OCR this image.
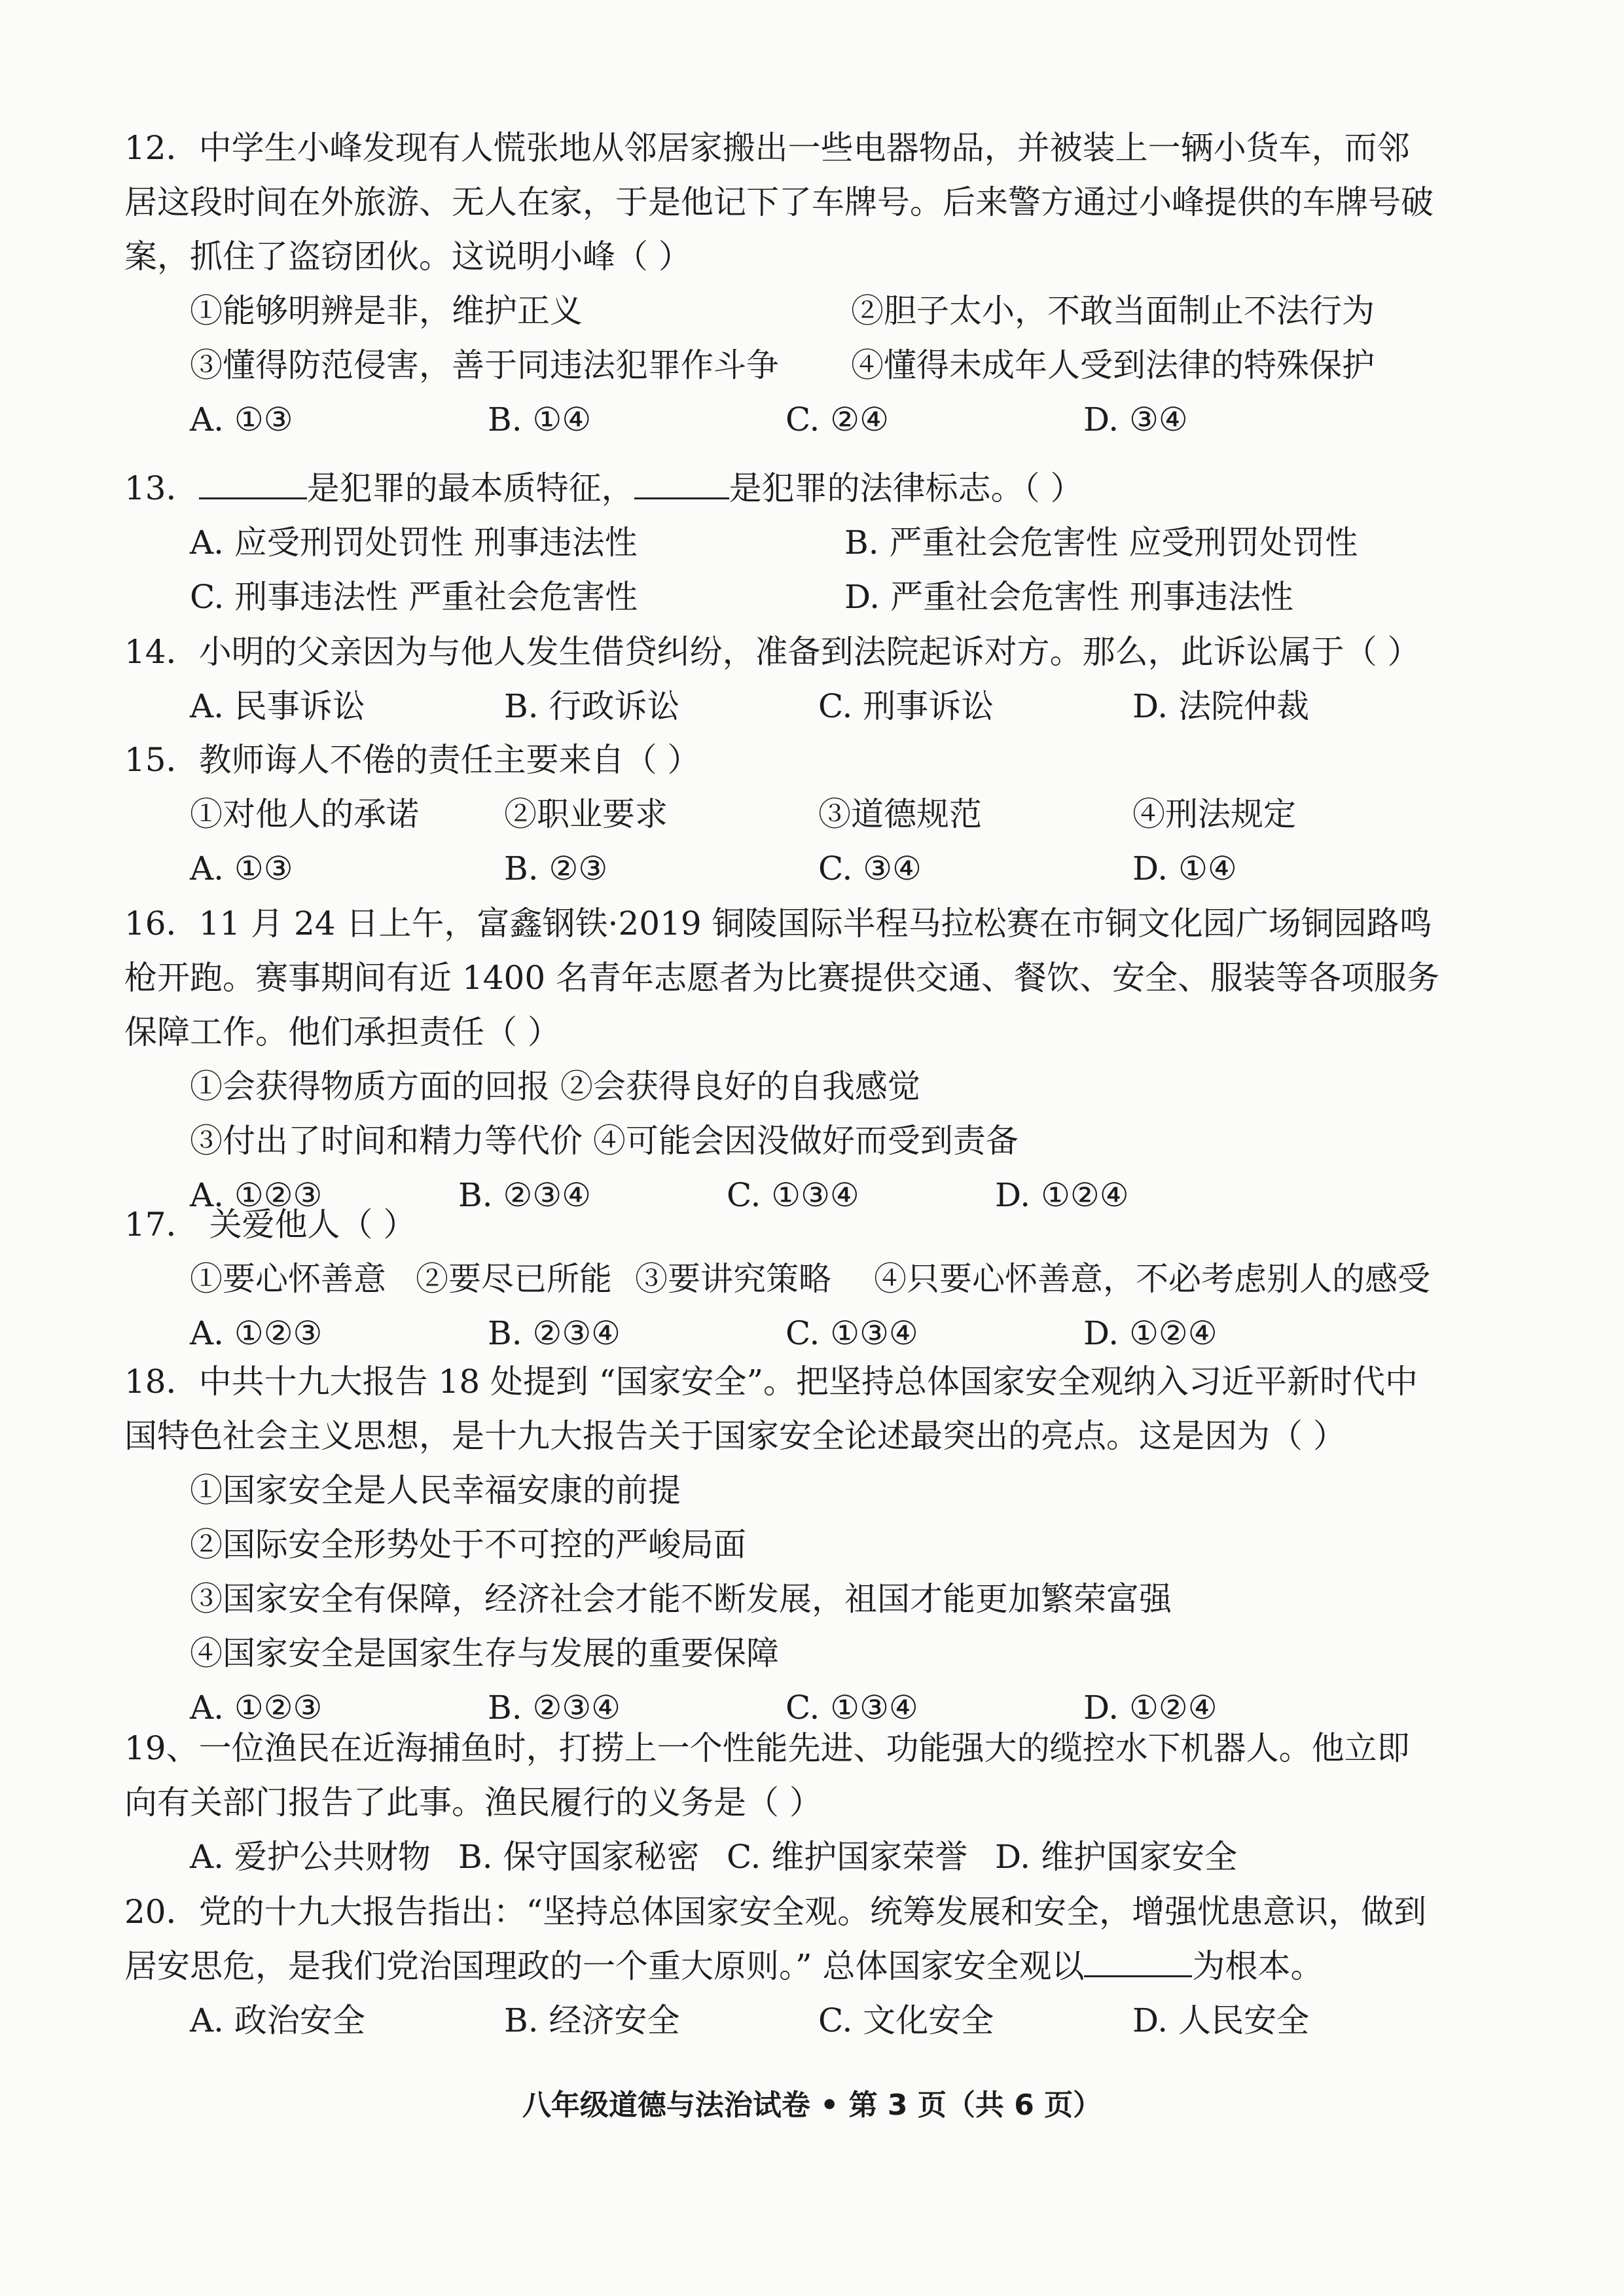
12．中学生小峰发现有人慌张地从邻居家搬出一些电器物品，并被装上一辆小货车，而邻居这段时间在外旅游、无人在家，于是他记下了车牌号。后来警方通过小峰提供的车牌号破案，抓住了盗窃团伙。这说明小峰（ ）

①能够明辨是非，维护正义	②胆子太小，不敢当面制止不法行为
③懂得防范侵害，善于同违法犯罪作斗争	④懂得未成年人受到法律的特殊保护
A. ①③	B. ①④	C. ②④	D. ③④

13．	是犯罪的最本质特征，	是犯罪的法律标志。（ ）

A. 应受刑罚处罚性 刑事违法性	B. 严重社会危害性 应受刑罚处罚性
C. 刑事违法性 严重社会危害性	D. 严重社会危害性 刑事违法性

14．小明的父亲因为与他人发生借贷纠纷，准备到法院起诉对方。那么，此诉讼属于（ ）

A. 民事诉讼	B. 行政诉讼	C. 刑事诉讼	D. 法院仲裁

15．教师诲人不倦的责任主要来自（ ）

①对他人的承诺	②职业要求	③道德规范	④刑法规定
A. ①③	B. ②③	C. ③④	D. ①④

16．11 月 24 日上午，富鑫钢铁·2019 铜陵国际半程马拉松赛在市铜文化园广场铜园路鸣枪开跑。赛事期间有近 1400 名青年志愿者为比赛提供交通、餐饮、安全、服装等各项服务保障工作。他们承担责任（ ）

①会获得物质方面的回报 ②会获得良好的自我感觉

③付出了时间和精力等代价 ④可能会因没做好而受到责备

A. ①②③	B. ②③④	C. ①③④	D. ①②④

17． 关爱他人（ ）

①要心怀善意 ②要尽已所能 ③要讲究策略	④只要心怀善意，不必考虑别人的感受
A. ①②③	B. ②③④	C. ①③④	D. ①②④

18．中共十九大报告 18 处提到 “国家安全”。把坚持总体国家安全观纳入习近平新时代中国特色社会主义思想，是十九大报告关于国家安全论述最突出的亮点。这是因为（ ）

①国家安全是人民幸福安康的前提

②国际安全形势处于不可控的严峻局面

③国家安全有保障，经济社会才能不断发展，祖国才能更加繁荣富强

④国家安全是国家生存与发展的重要保障

A. ①②③	B. ②③④	C. ①③④	D. ①②④

19、一位渔民在近海捕鱼时，打捞上一个性能先进、功能强大的缆控水下机器人。他立即向有关部门报告了此事。渔民履行的义务是（ ）

A. 爱护公共财物 B. 保守国家秘密 C. 维护国家荣誉 D. 维护国家安全

20．党的十九大报告指出：“坚持总体国家安全观。统筹发展和安全，增强忧患意识，做到居安思危，是我们党治国理政的一个重大原则。” 总体国家安全观以	为根本。

A. 政治安全	B. 经济安全	C. 文化安全	D. 人民安全
八年级道德与法治试卷 • 第 3 页（共 6 页）
